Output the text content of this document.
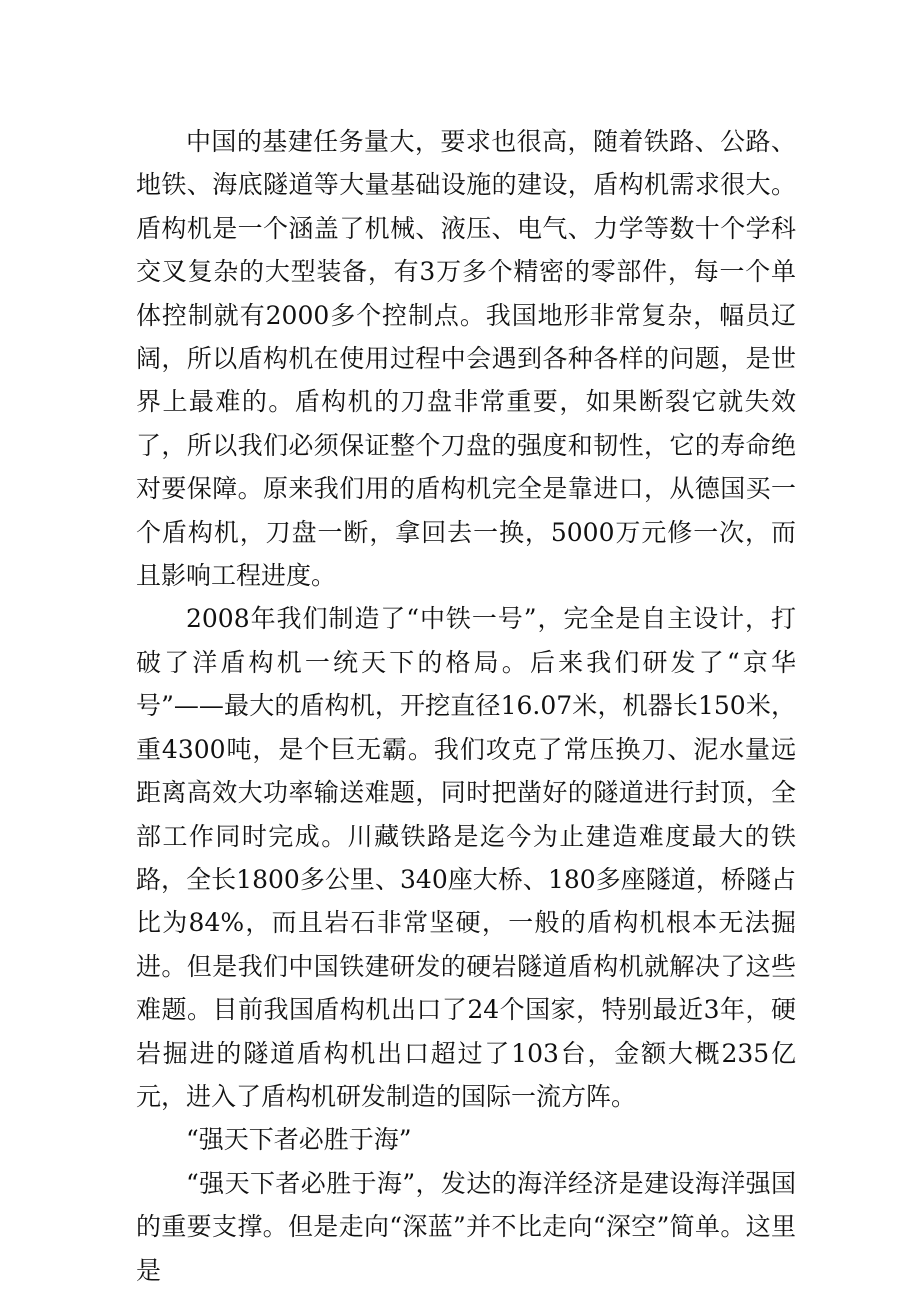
中国的基建任务量大，要求也很高，随着铁路、公路、地铁、海底隧道等大量基础设施的建设，盾构机需求很大。盾构机是一个涵盖了机械、液压、电气、力学等数十个学科交叉复杂的大型装备，有3万多个精密的零部件，每一个单体控制就有2000多个控制点。我国地形非常复杂，幅员辽阔，所以盾构机在使用过程中会遇到各种各样的问题，是世界上最难的。盾构机的刀盘非常重要，如果断裂它就失效了，所以我们必须保证整个刀盘的强度和韧性，它的寿命绝对要保障。原来我们用的盾构机完全是靠进口，从德国买一个盾构机，刀盘一断，拿回去一换，5000万元修一次，而且影响工程进度。

2008年我们制造了“中铁一号”，完全是自主设计，打破了洋盾构机一统天下的格局。后来我们研发了“京华号”——最大的盾构机，开挖直径16.07米，机器长150米，重4300吨，是个巨无霸。我们攻克了常压换刀、泥水量远距离高效大功率输送难题，同时把凿好的隧道进行封顶，全部工作同时完成。川藏铁路是迄今为止建造难度最大的铁路，全长1800多公里、340座大桥、180多座隧道，桥隧占比为84%，而且岩石非常坚硬，一般的盾构机根本无法掘进。但是我们中国铁建研发的硬岩隧道盾构机就解决了这些难题。目前我国盾构机出口了24个国家，特别最近3年，硬岩掘进的隧道盾构机出口超过了103台，金额大概235亿元，进入了盾构机研发制造的国际一流方阵。

“强天下者必胜于海”

“强天下者必胜于海”，发达的海洋经济是建设海洋强国的重要支撑。但是走向“深蓝”并不比走向“深空”简单。这里是
